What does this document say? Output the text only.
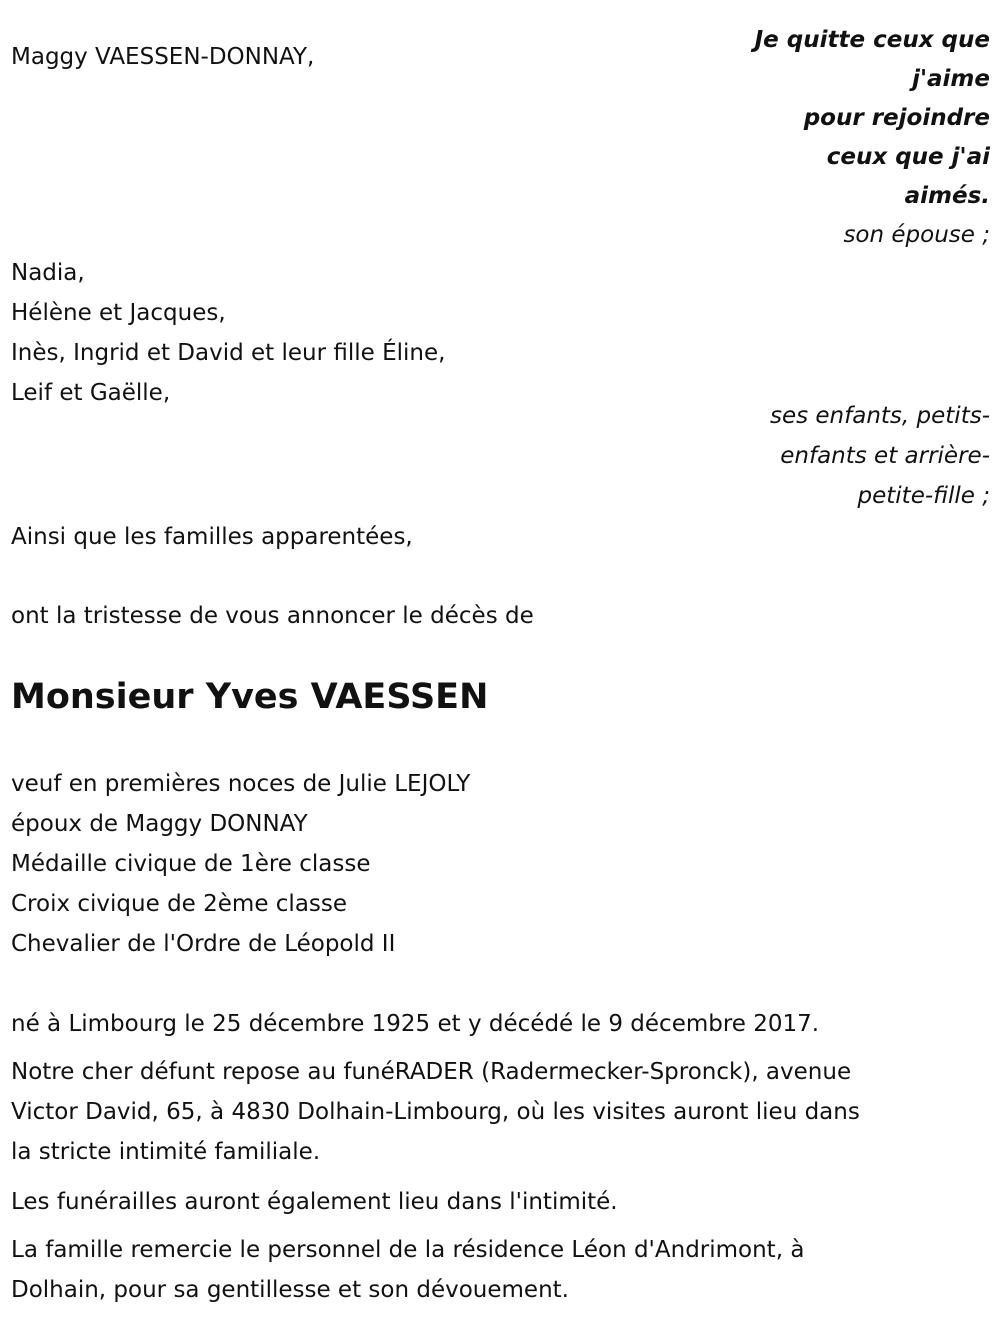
Maggy VAESSEN-DONNAY,
Je quitte ceux que
j'aime
pour rejoindre
ceux que j'ai
aimés.
son épouse ;
Nadia,
Hélène et Jacques,
Inès, Ingrid et David et leur fille Éline,
Leif et Gaëlle,
ses enfants, petits-
enfants et arrière-
petite-fille ;
Ainsi que les familles apparentées,
ont la tristesse de vous annoncer le décès de
Monsieur Yves VAESSEN
veuf en premières noces de Julie LEJOLY
époux de Maggy DONNAY
Médaille civique de 1ère classe
Croix civique de 2ème classe
Chevalier de l'Ordre de Léopold II
né à Limbourg le 25 décembre 1925 et y décédé le 9 décembre 2017.
Notre cher défunt repose au funéRADER (Radermecker-Spronck), avenue
Victor David, 65, à 4830 Dolhain-Limbourg, où les visites auront lieu dans
la stricte intimité familiale.
Les funérailles auront également lieu dans l'intimité.
La famille remercie le personnel de la résidence Léon d'Andrimont, à
Dolhain, pour sa gentillesse et son dévouement.
